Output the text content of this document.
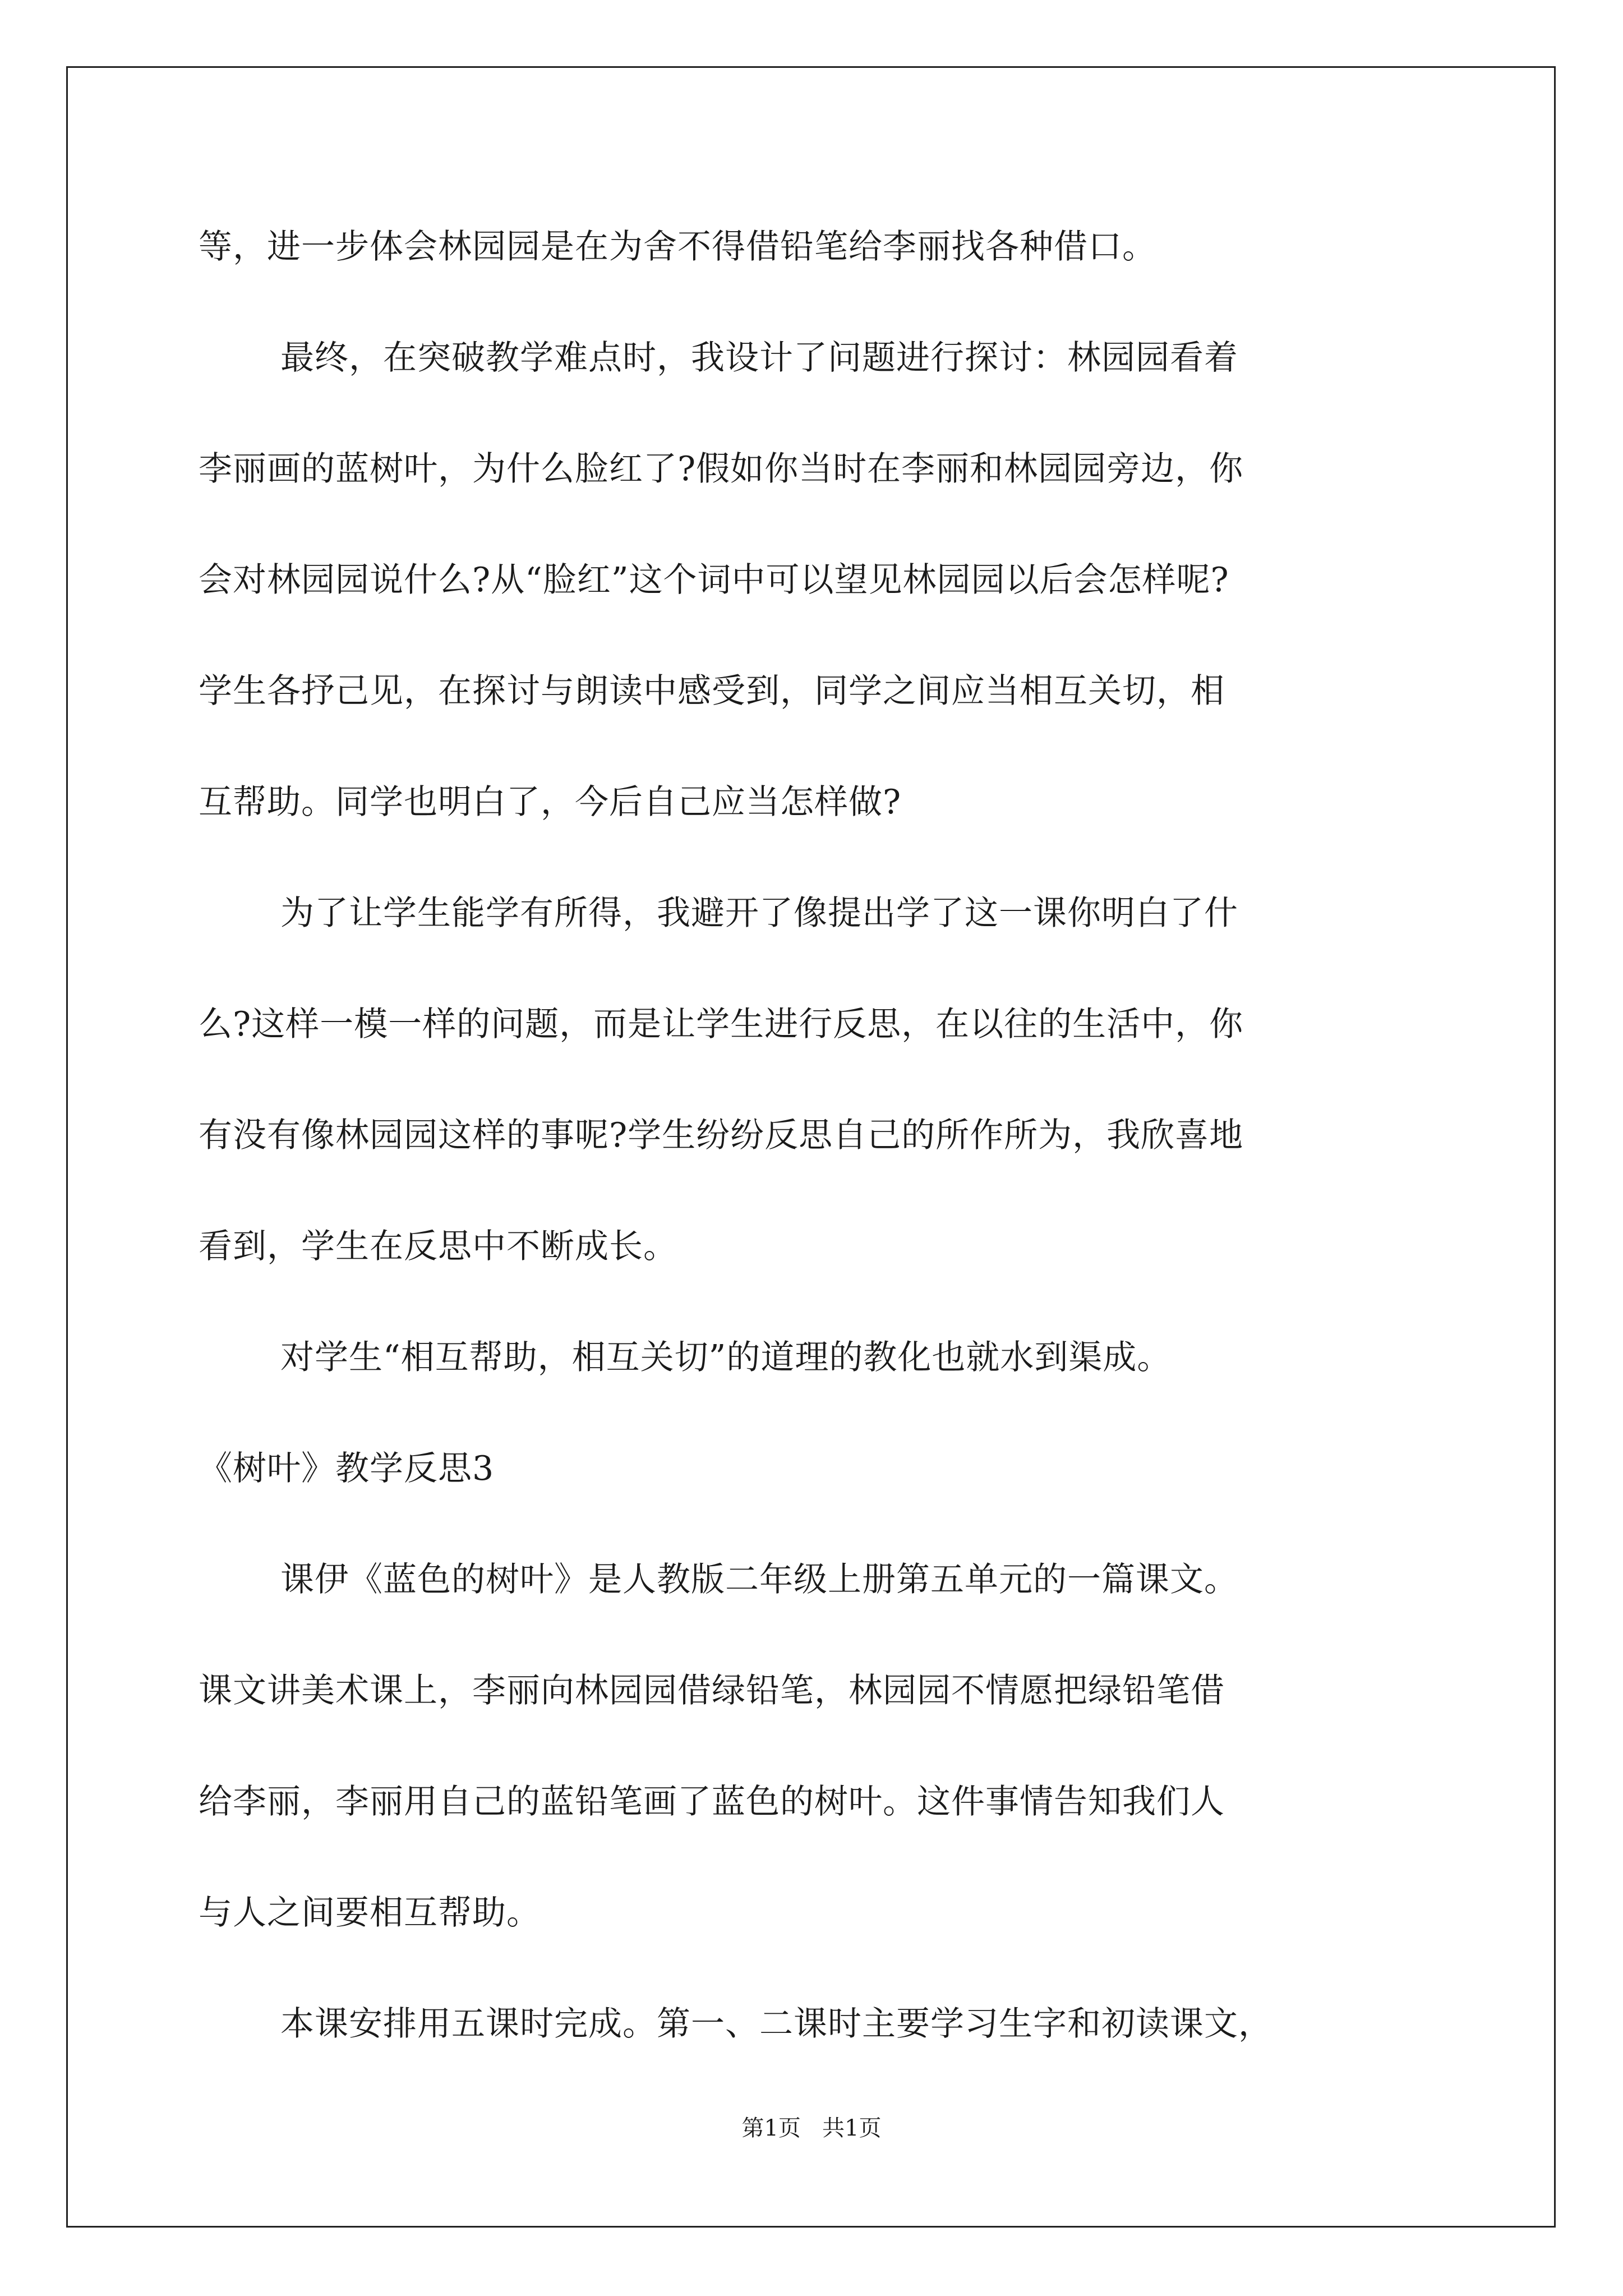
等，进一步体会林园园是在为舍不得借铅笔给李丽找各种借口。
最终，在突破教学难点时，我设计了问题进行探讨：林园园看着
李丽画的蓝树叶，为什么脸红了?假如你当时在李丽和林园园旁边，你
会对林园园说什么?从“脸红”这个词中可以望见林园园以后会怎样呢?
学生各抒己见，在探讨与朗读中感受到，同学之间应当相互关切，相
互帮助。同学也明白了，今后自己应当怎样做?
为了让学生能学有所得，我避开了像提出学了这一课你明白了什
么?这样一模一样的问题，而是让学生进行反思，在以往的生活中，你
有没有像林园园这样的事呢?学生纷纷反思自己的所作所为，我欣喜地
看到，学生在反思中不断成长。
对学生“相互帮助，相互关切”的道理的教化也就水到渠成。
《树叶》教学反思3
课伊《蓝色的树叶》是人教版二年级上册第五单元的一篇课文。
课文讲美术课上，李丽向林园园借绿铅笔，林园园不情愿把绿铅笔借
给李丽，李丽用自己的蓝铅笔画了蓝色的树叶。这件事情告知我们人
与人之间要相互帮助。
本课安排用五课时完成。第一、二课时主要学习生字和初读课文，
第1页   共1页
